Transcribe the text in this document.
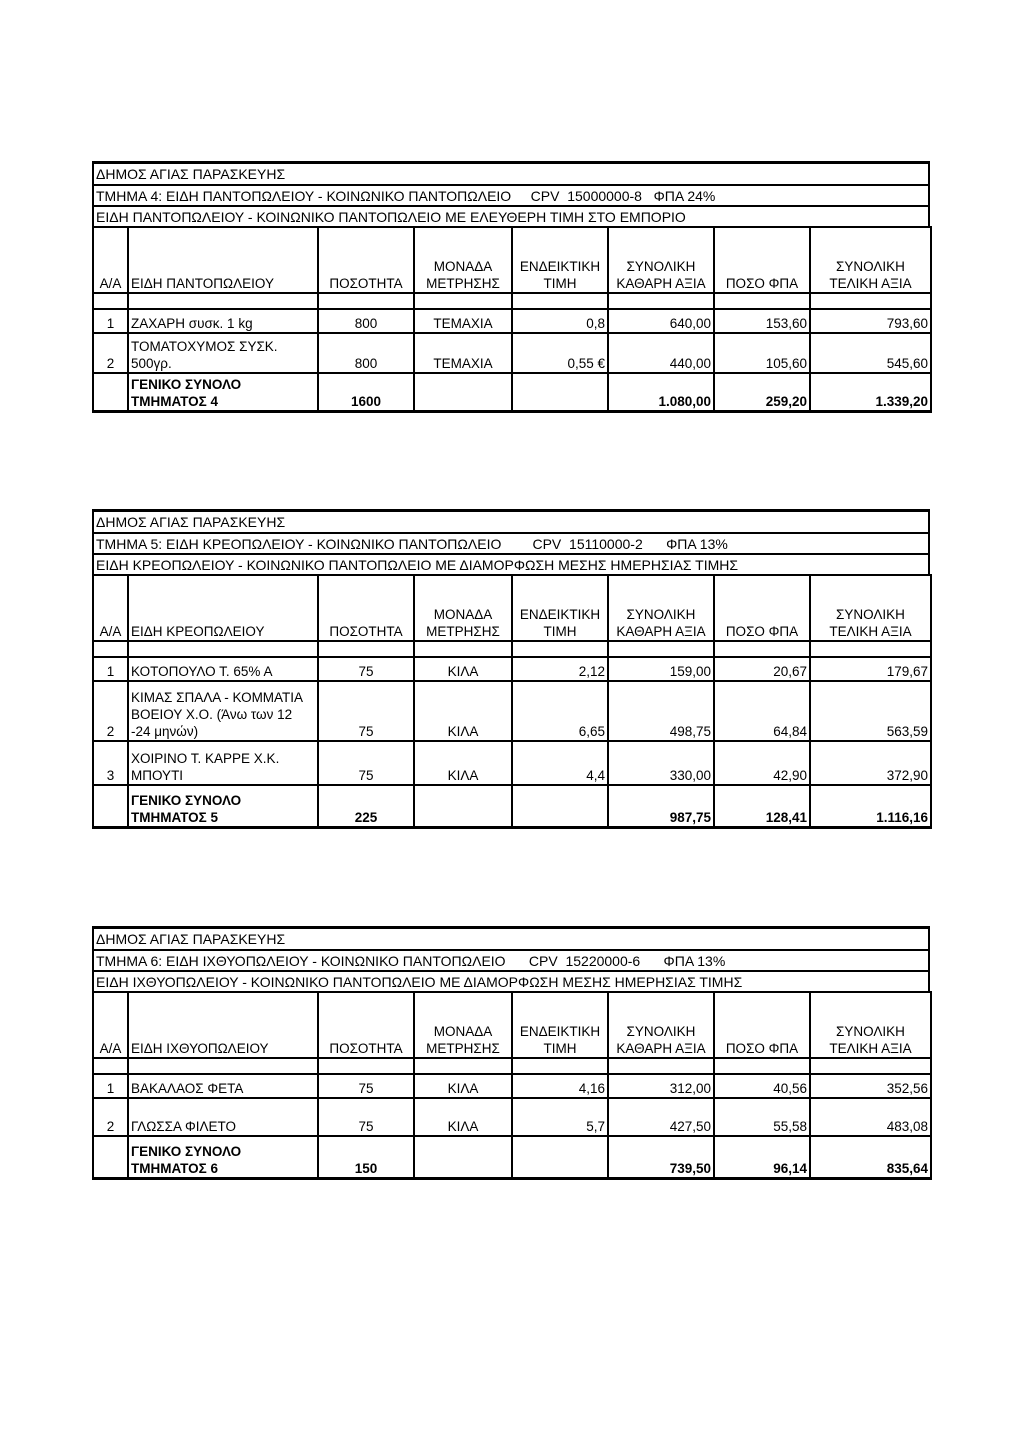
ΔΗΜΟΣ ΑΓΙΑΣ ΠΑΡΑΣΚΕΥΗΣ
ΤΜΗΜΑ 4: ΕΙΔΗ ΠΑΝΤΟΠΩΛΕΙΟΥ - ΚΟΙΝΩΝΙΚΟ ΠΑΝΤΟΠΩΛΕΙΟ     CPV  15000000-8   ΦΠΑ 24%
ΕΙΔΗ ΠΑΝΤΟΠΩΛΕΙΟΥ - ΚΟΙΝΩΝΙΚΟ ΠΑΝΤΟΠΩΛΕΙΟ ΜΕ ΕΛΕΥΘΕΡΗ ΤΙΜΗ ΣΤΟ ΕΜΠΟΡΙΟ
Α/Α	ΕΙΔΗ ΠΑΝΤΟΠΩΛΕΙΟΥ	ΠΟΣΟΤΗΤΑ	ΜΟΝΑΔΑ ΜΕΤΡΗΣΗΣ	ΕΝΔΕΙΚΤΙΚΗ ΤΙΜΗ	ΣΥΝΟΛΙΚΗ ΚΑΘΑΡΗ ΑΞΙΑ	ΠΟΣΟ ΦΠΑ	ΣΥΝΟΛΙΚΗ ΤΕΛΙΚΗ ΑΞΙΑ

1	ΖΑΧΑΡΗ συσκ. 1 kg	800	ΤΕΜΑΧΙΑ	0,8	640,00	153,60	793,60
2	ΤΟΜΑΤΟΧΥΜΟΣ ΣΥΣΚ. 500γρ.	800	ΤΕΜΑΧΙΑ	0,55 €	440,00	105,60	545,60
	ΓΕΝΙΚΟ ΣΥΝΟΛΟ ΤΜΗΜΑΤΟΣ 4	1600			1.080,00	259,20	1.339,20
ΔΗΜΟΣ ΑΓΙΑΣ ΠΑΡΑΣΚΕΥΗΣ
ΤΜΗΜΑ 5: ΕΙΔΗ ΚΡΕΟΠΩΛΕΙΟΥ - ΚΟΙΝΩΝΙΚΟ ΠΑΝΤΟΠΩΛΕΙΟ        CPV  15110000-2      ΦΠΑ 13%
ΕΙΔΗ ΚΡΕΟΠΩΛΕΙΟΥ - ΚΟΙΝΩΝΙΚΟ ΠΑΝΤΟΠΩΛΕΙΟ ΜΕ ΔΙΑΜΟΡΦΩΣΗ ΜΕΣΗΣ ΗΜΕΡΗΣΙΑΣ ΤΙΜΗΣ
Α/Α	ΕΙΔΗ ΚΡΕΟΠΩΛΕΙΟΥ	ΠΟΣΟΤΗΤΑ	ΜΟΝΑΔΑ ΜΕΤΡΗΣΗΣ	ΕΝΔΕΙΚΤΙΚΗ ΤΙΜΗ	ΣΥΝΟΛΙΚΗ ΚΑΘΑΡΗ ΑΞΙΑ	ΠΟΣΟ ΦΠΑ	ΣΥΝΟΛΙΚΗ ΤΕΛΙΚΗ ΑΞΙΑ

1	ΚΟΤΟΠΟΥΛΟ Τ. 65% Α	75	ΚΙΛΑ	2,12	159,00	20,67	179,67
2	ΚΙΜΑΣ ΣΠΑΛΑ - ΚΟΜΜΑΤΙΑ ΒΟΕΙΟΥ Χ.Ο. (Άνω των 12 -24 μηνών)	75	ΚΙΛΑ	6,65	498,75	64,84	563,59
3	ΧΟΙΡΙΝΟ Τ. ΚΑΡΡΕ Χ.Κ. ΜΠΟΥΤΙ	75	ΚΙΛΑ	4,4	330,00	42,90	372,90
	ΓΕΝΙΚΟ ΣΥΝΟΛΟ ΤΜΗΜΑΤΟΣ 5	225			987,75	128,41	1.116,16
ΔΗΜΟΣ ΑΓΙΑΣ ΠΑΡΑΣΚΕΥΗΣ
ΤΜΗΜΑ 6: ΕΙΔΗ ΙΧΘΥΟΠΩΛΕΙΟΥ - ΚΟΙΝΩΝΙΚΟ ΠΑΝΤΟΠΩΛΕΙΟ      CPV  15220000-6      ΦΠΑ 13%
ΕΙΔΗ ΙΧΘΥΟΠΩΛΕΙΟΥ - ΚΟΙΝΩΝΙΚΟ ΠΑΝΤΟΠΩΛΕΙΟ ΜΕ ΔΙΑΜΟΡΦΩΣΗ ΜΕΣΗΣ ΗΜΕΡΗΣΙΑΣ ΤΙΜΗΣ
Α/Α	ΕΙΔΗ ΙΧΘΥΟΠΩΛΕΙΟΥ	ΠΟΣΟΤΗΤΑ	ΜΟΝΑΔΑ ΜΕΤΡΗΣΗΣ	ΕΝΔΕΙΚΤΙΚΗ ΤΙΜΗ	ΣΥΝΟΛΙΚΗ ΚΑΘΑΡΗ ΑΞΙΑ	ΠΟΣΟ ΦΠΑ	ΣΥΝΟΛΙΚΗ ΤΕΛΙΚΗ ΑΞΙΑ

1	ΒΑΚΑΛΑΟΣ ΦΕΤΑ	75	ΚΙΛΑ	4,16	312,00	40,56	352,56
2	ΓΛΩΣΣΑ ΦΙΛΕΤΟ	75	ΚΙΛΑ	5,7	427,50	55,58	483,08
	ΓΕΝΙΚΟ ΣΥΝΟΛΟ ΤΜΗΜΑΤΟΣ 6	150			739,50	96,14	835,64
